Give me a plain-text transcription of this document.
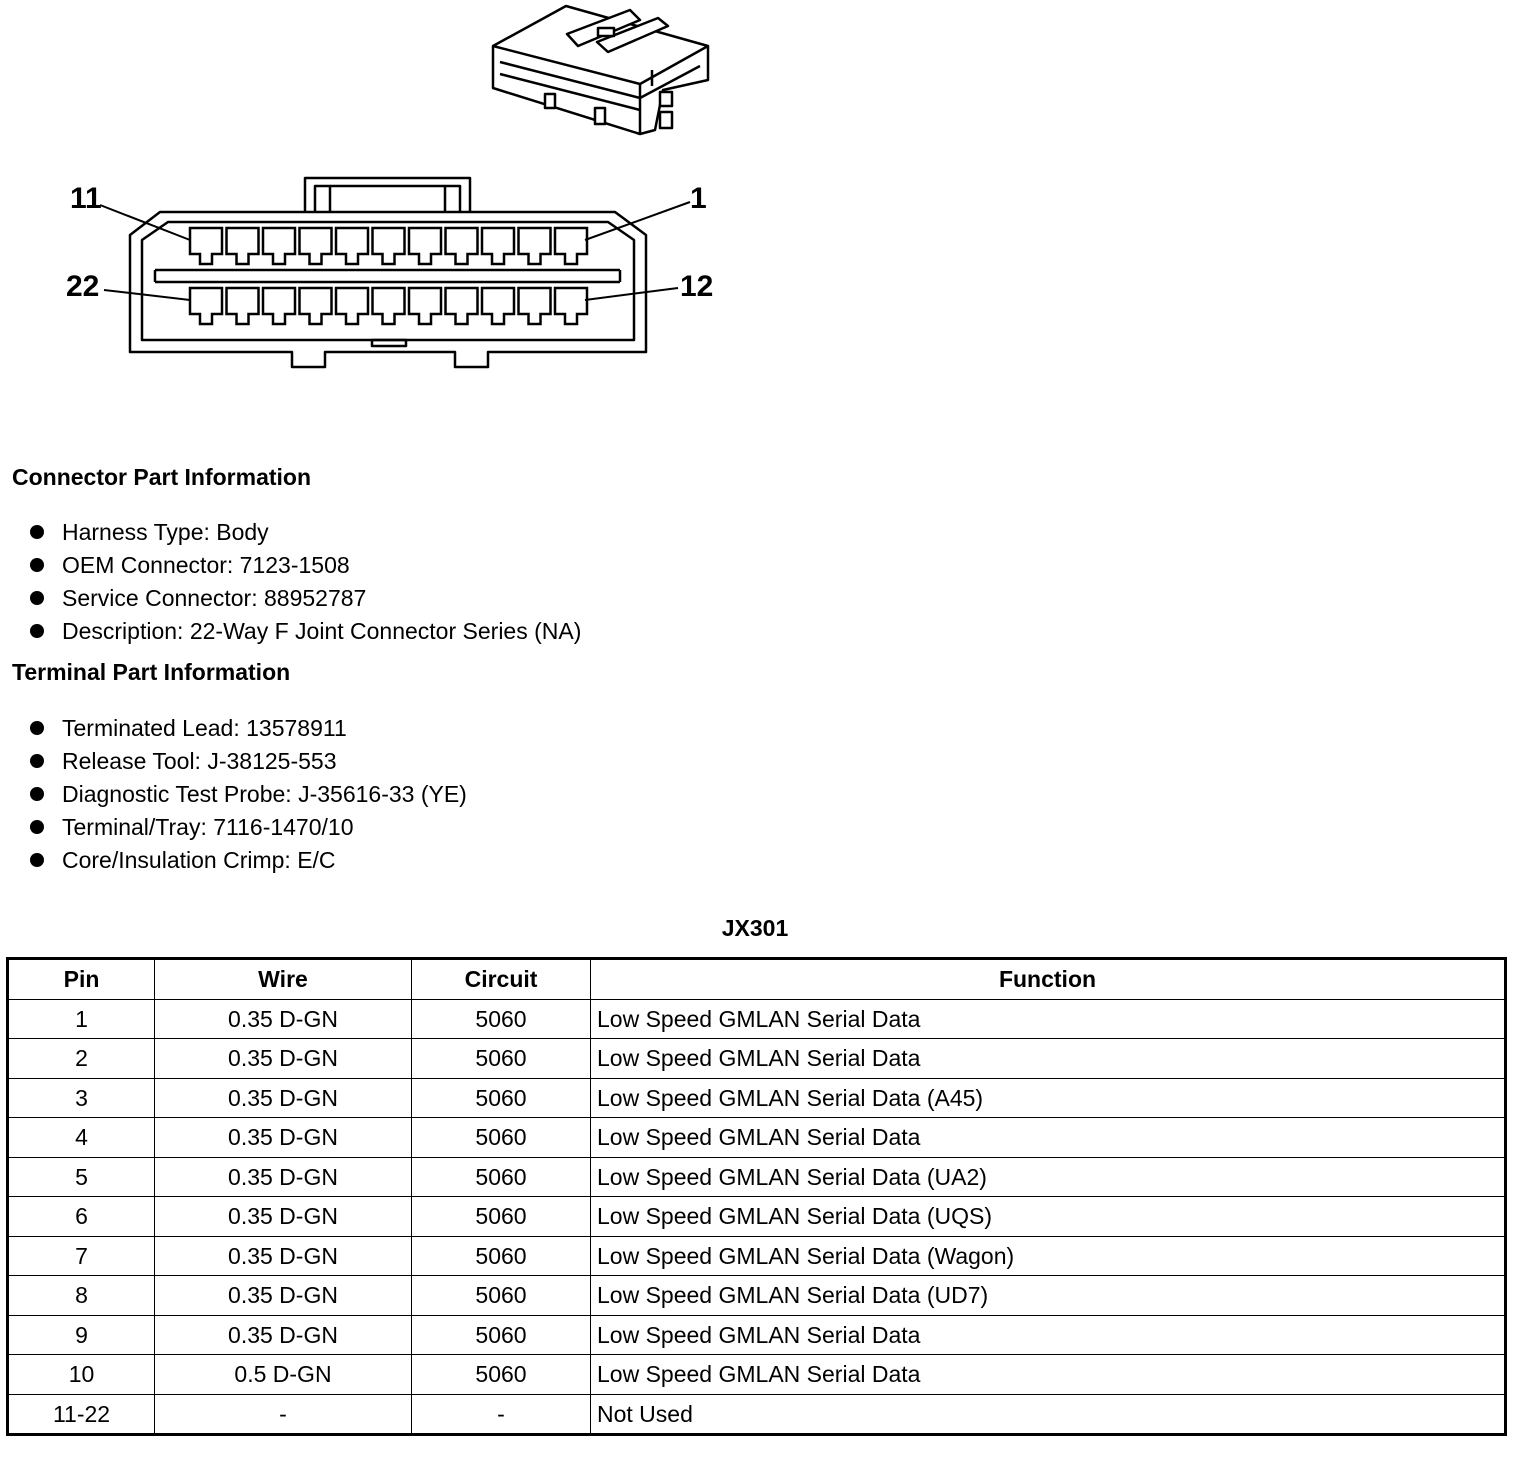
11	1
22	12
Connector Part Information
Harness Type: Body
OEM Connector: 7123-1508
Service Connector: 88952787
Description: 22-Way F Joint Connector Series (NA)
Terminal Part Information
Terminated Lead: 13578911
Release Tool: J-38125-553
Diagnostic Test Probe: J-35616-33 (YE)
Terminal/Tray: 7116-1470/10
Core/Insulation Crimp: E/C
JX301
Pin	Wire	Circuit	Function
1	0.35 D-GN	5060	Low Speed GMLAN Serial Data
2	0.35 D-GN	5060	Low Speed GMLAN Serial Data
3	0.35 D-GN	5060	Low Speed GMLAN Serial Data (A45)
4	0.35 D-GN	5060	Low Speed GMLAN Serial Data
5	0.35 D-GN	5060	Low Speed GMLAN Serial Data (UA2)
6	0.35 D-GN	5060	Low Speed GMLAN Serial Data (UQS)
7	0.35 D-GN	5060	Low Speed GMLAN Serial Data (Wagon)
8	0.35 D-GN	5060	Low Speed GMLAN Serial Data (UD7)
9	0.35 D-GN	5060	Low Speed GMLAN Serial Data
10	0.5 D-GN	5060	Low Speed GMLAN Serial Data
11-22	-	-	Not Used
